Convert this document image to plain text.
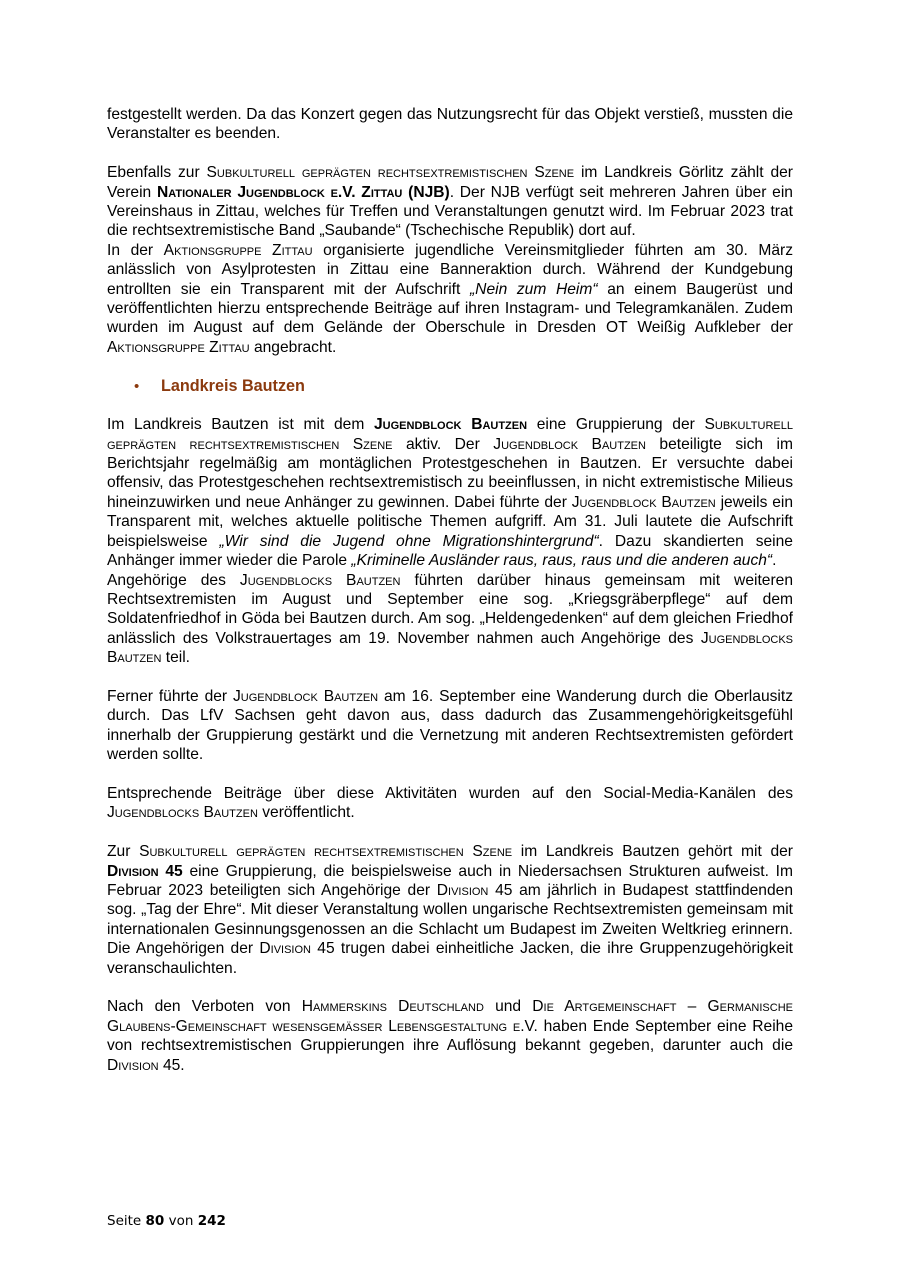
festgestellt werden. Da das Konzert gegen das Nutzungsrecht für das Objekt verstieß, mussten die Veranstalter es beenden.

Ebenfalls zur Subkulturell geprägten rechtsextremistischen Szene im Landkreis Görlitz zählt der Verein Nationaler Jugendblock e.V. Zittau (NJB). Der NJB verfügt seit mehreren Jahren über ein Vereinshaus in Zittau, welches für Treffen und Veranstaltungen genutzt wird. Im Februar 2023 trat die rechtsextremistische Band „Saubande“ (Tschechische Republik) dort auf.

In der Aktionsgruppe Zittau organisierte jugendliche Vereinsmitglieder führten am 30. März anlässlich von Asylprotesten in Zittau eine Banneraktion durch. Während der Kundgebung entrollten sie ein Transparent mit der Aufschrift „Nein zum Heim“ an einem Baugerüst und veröffentlichten hierzu entsprechende Beiträge auf ihren Instagram- und Telegramkanälen. Zudem wurden im August auf dem Gelände der Oberschule in Dresden OT Weißig Aufkleber der Aktionsgruppe Zittau angebracht.

•	Landkreis Bautzen

Im Landkreis Bautzen ist mit dem Jugendblock Bautzen eine Gruppierung der Subkulturell geprägten rechtsextremistischen Szene aktiv. Der Jugendblock Bautzen beteiligte sich im Berichtsjahr regelmäßig am montäglichen Protestgeschehen in Bautzen. Er versuchte dabei offensiv, das Protestgeschehen rechtsextremistisch zu beeinflussen, in nicht extremistische Milieus hineinzuwirken und neue Anhänger zu gewinnen. Dabei führte der Jugendblock Bautzen jeweils ein Transparent mit, welches aktuelle politische Themen aufgriff. Am 31. Juli lautete die Aufschrift beispielsweise „Wir sind die Jugend ohne Migrationshintergrund“. Dazu skandierten seine Anhänger immer wieder die Parole „Kriminelle Ausländer raus, raus, raus und die anderen auch“.

Angehörige des Jugendblocks Bautzen führten darüber hinaus gemeinsam mit weiteren Rechtsextremisten im August und September eine sog. „Kriegsgräberpflege“ auf dem Soldatenfriedhof in Göda bei Bautzen durch. Am sog. „Heldengedenken“ auf dem gleichen Friedhof anlässlich des Volkstrauertages am 19. November nahmen auch Angehörige des Jugendblocks Bautzen teil.

Ferner führte der Jugendblock Bautzen am 16. September eine Wanderung durch die Oberlausitz durch. Das LfV Sachsen geht davon aus, dass dadurch das Zusammengehörigkeitsgefühl innerhalb der Gruppierung gestärkt und die Vernetzung mit anderen Rechtsextremisten gefördert werden sollte.

Entsprechende Beiträge über diese Aktivitäten wurden auf den Social-Media-Kanälen des Jugendblocks Bautzen veröffentlicht.

Zur Subkulturell geprägten rechtsextremistischen Szene im Landkreis Bautzen gehört mit der Division 45 eine Gruppierung, die beispielsweise auch in Niedersachsen Strukturen aufweist. Im Februar 2023 beteiligten sich Angehörige der Division 45 am jährlich in Budapest stattfindenden sog. „Tag der Ehre“. Mit dieser Veranstaltung wollen ungarische Rechtsextremisten gemeinsam mit internationalen Gesinnungsgenossen an die Schlacht um Budapest im Zweiten Weltkrieg erinnern. Die Angehörigen der Division 45 trugen dabei einheitliche Jacken, die ihre Gruppenzugehörigkeit veranschaulichten.

Nach den Verboten von Hammerskins Deutschland und Die Artgemeinschaft – Germanische Glaubens-Gemeinschaft wesensgemäßer Lebensgestaltung e.V. haben Ende September eine Reihe von rechtsextremistischen Gruppierungen ihre Auflösung bekannt gegeben, darunter auch die Division 45.

Seite 80 von 242
